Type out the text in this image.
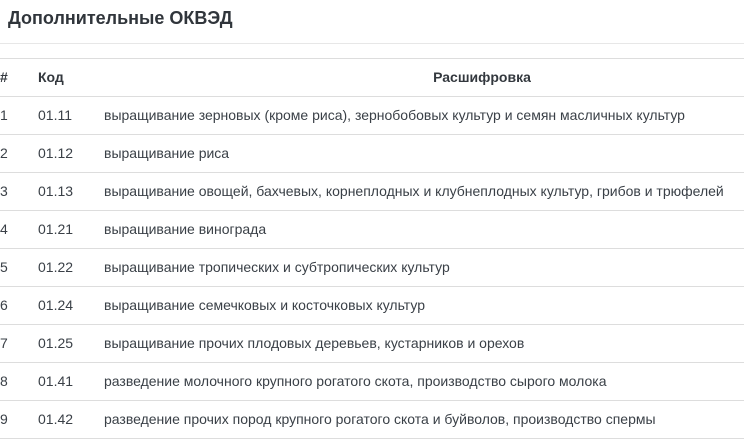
Дополнительные ОКВЭД
#	Код	Расшифровка
1	01.11	выращивание зерновых (кроме риса), зернобобовых культур и семян масличных культур
2	01.12	выращивание риса
3	01.13	выращивание овощей, бахчевых, корнеплодных и клубнеплодных культур, грибов и трюфелей
4	01.21	выращивание винограда
5	01.22	выращивание тропических и субтропических культур
6	01.24	выращивание семечковых и косточковых культур
7	01.25	выращивание прочих плодовых деревьев, кустарников и орехов
8	01.41	разведение молочного крупного рогатого скота, производство сырого молока
9	01.42	разведение прочих пород крупного рогатого скота и буйволов, производство спермы
